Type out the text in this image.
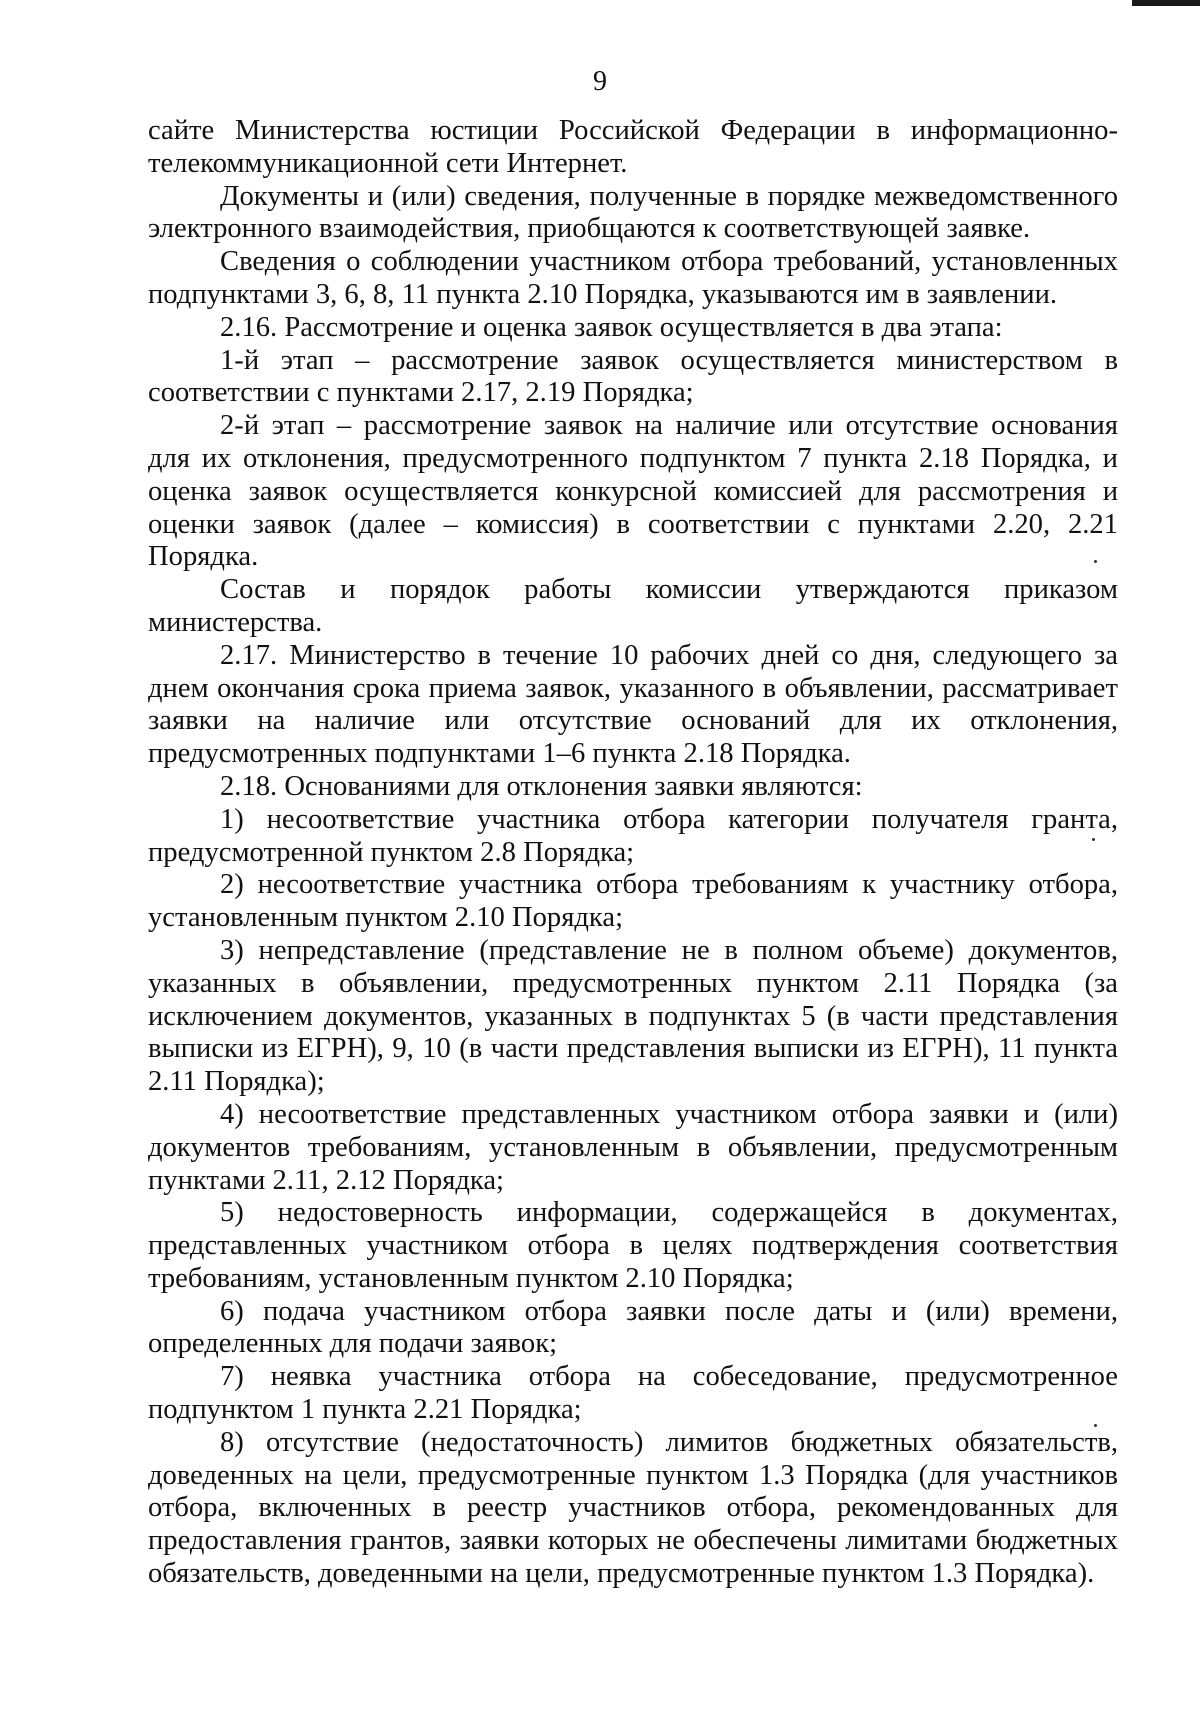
9

сайте Министерства юстиции Российской Федерации в информационно-телекоммуникационной сети Интернет.

Документы и (или) сведения, полученные в порядке межведомственного электронного взаимодействия, приобщаются к соответствующей заявке.

Сведения о соблюдении участником отбора требований, установленных подпунктами 3, 6, 8, 11 пункта 2.10 Порядка, указываются им в заявлении.

2.16. Рассмотрение и оценка заявок осуществляется в два этапа:

1-й этап – рассмотрение заявок осуществляется министерством в соответствии с пунктами 2.17, 2.19 Порядка;

2-й этап – рассмотрение заявок на наличие или отсутствие основания для их отклонения, предусмотренного подпунктом 7 пункта 2.18 Порядка, и оценка заявок осуществляется конкурсной комиссией для рассмотрения и оценки заявок (далее – комиссия) в соответствии с пунктами 2.20, 2.21 Порядка.

Состав и порядок работы комиссии утверждаются приказом министерства.

2.17. Министерство в течение 10 рабочих дней со дня, следующего за днем окончания срока приема заявок, указанного в объявлении, рассматривает заявки на наличие или отсутствие оснований для их отклонения, предусмотренных подпунктами 1–6 пункта 2.18 Порядка.

2.18. Основаниями для отклонения заявки являются:

1) несоответствие участника отбора категории получателя гранта, предусмотренной пунктом 2.8 Порядка;

2) несоответствие участника отбора требованиям к участнику отбора, установленным пунктом 2.10 Порядка;

3) непредставление (представление не в полном объеме) документов, указанных в объявлении, предусмотренных пунктом 2.11 Порядка (за исключением документов, указанных в подпунктах 5 (в части представления выписки из ЕГРН), 9, 10 (в части представления выписки из ЕГРН), 11 пункта 2.11 Порядка);

4) несоответствие представленных участником отбора заявки и (или) документов требованиям, установленным в объявлении, предусмотренным пунктами 2.11, 2.12 Порядка;

5) недостоверность информации, содержащейся в документах, представленных участником отбора в целях подтверждения соответствия требованиям, установленным пунктом 2.10 Порядка;

6) подача участником отбора заявки после даты и (или) времени, определенных для подачи заявок;

7) неявка участника отбора на собеседование, предусмотренное подпунктом 1 пункта 2.21 Порядка;

8) отсутствие (недостаточность) лимитов бюджетных обязательств, доведенных на цели, предусмотренные пунктом 1.3 Порядка (для участников отбора, включенных в реестр участников отбора, рекомендованных для предоставления грантов, заявки которых не обеспечены лимитами бюджетных обязательств, доведенными на цели, предусмотренные пунктом 1.3 Порядка).
